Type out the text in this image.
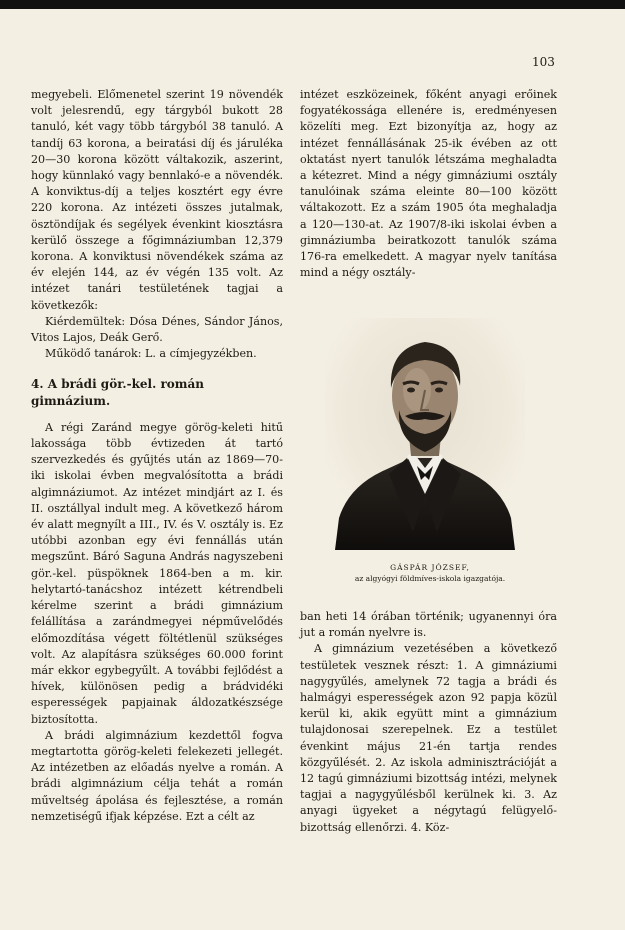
103

megyebeli. Előmenetel szerint 19 növendék volt jelesrendű, egy tárgyból bukott 28 tanuló, két vagy több tárgyból 38 tanuló. A tandíj 63 korona, a beiratási díj és járuléka 20—30 korona között váltakozik, aszerint, hogy künnlakó vagy bennlakó-e a növendék. A konviktus-díj a teljes kosztért egy évre 220 korona. Az intézeti összes jutalmak, ösztöndíjak és segélyek évenkint kiosztásra kerülő összege a főgimnáziumban 12,379 korona. A konviktusi növendékek száma az év elején 144, az év végén 135 volt. Az intézet tanári testületének tagjai a következők:

Kiérdemültek: Dósa Dénes, Sándor János, Vitos Lajos, Deák Gerő.

Működő tanárok: L. a címjegyzékben.

4. A brádi gör.-kel. román gimnázium.

A régi Zaránd megye görög-keleti hitű lakossága több évtizeden át tartó szervezkedés és gyűjtés után az 1869—70-iki iskolai évben megvalósította a brádi algimnáziumot. Az intézet mindjárt az I. és II. osztállyal indult meg. A következő három év alatt megnyílt a III., IV. és V. osztály is. Ez utóbbi azonban egy évi fennállás után megszűnt. Báró Saguna András nagyszebeni gör.-kel. püspöknek 1864-ben a m. kir. helytartó-tanácshoz intézett kétrendbeli kérelme szerint a brádi gimnázium felállítása a zarándmegyei népművelődés előmozdítása végett föltétlenül szükséges volt. Az alapításra szükséges 60.000 forint már ekkor egybegyűlt. A további fejlődést a hívek, különösen pedig a brádvidéki esperességek papjainak áldozatkészsége biztosította.

A brádi algimnázium kezdettől fogva megtartotta görög-keleti felekezeti jellegét. Az intézetben az előadás nyelve a román. A brádi algimnázium célja tehát a román műveltség ápolása és fejlesztése, a román nemzetiségű ifjak képzése. Ezt a célt az

intézet eszközeinek, főként anyagi erőinek fogyatékossága ellenére is, eredményesen közelíti meg. Ezt bizonyítja az, hogy az intézet fennállásának 25-ik évében az ott oktatást nyert tanulók létszáma meghaladta a kétezret. Mind a négy gimnáziumi osztály tanulóinak száma eleinte 80—100 között váltakozott. Ez a szám 1905 óta meghaladja a 120—130-at. Az 1907/8-iki iskolai évben a gimnáziumba beiratkozott tanulók száma 176-ra emelkedett. A magyar nyelv tanítása mind a négy osztály-

GÁSPÁR JÓZSEF,
az algyógyi földmíves-iskola igazgatója.

ban heti 14 órában történik; ugyanennyi óra jut a román nyelvre is.

A gimnázium vezetésében a következő testületek vesznek részt: 1. A gimnáziumi nagygyűlés, amelynek 72 tagja a brádi és halmágyi esperességek azon 92 papja közül kerül ki, akik együtt mint a gimnázium tulajdonosai szerepelnek. Ez a testület évenkint május 21-én tartja rendes közgyűlését. 2. Az iskola adminisztrációját a 12 tagú gimnáziumi bizottság intézi, melynek tagjai a nagygyűlésből kerülnek ki. 3. Az anyagi ügyeket a négytagú felügyelő-bizottság ellenőrzi. 4. Köz-
